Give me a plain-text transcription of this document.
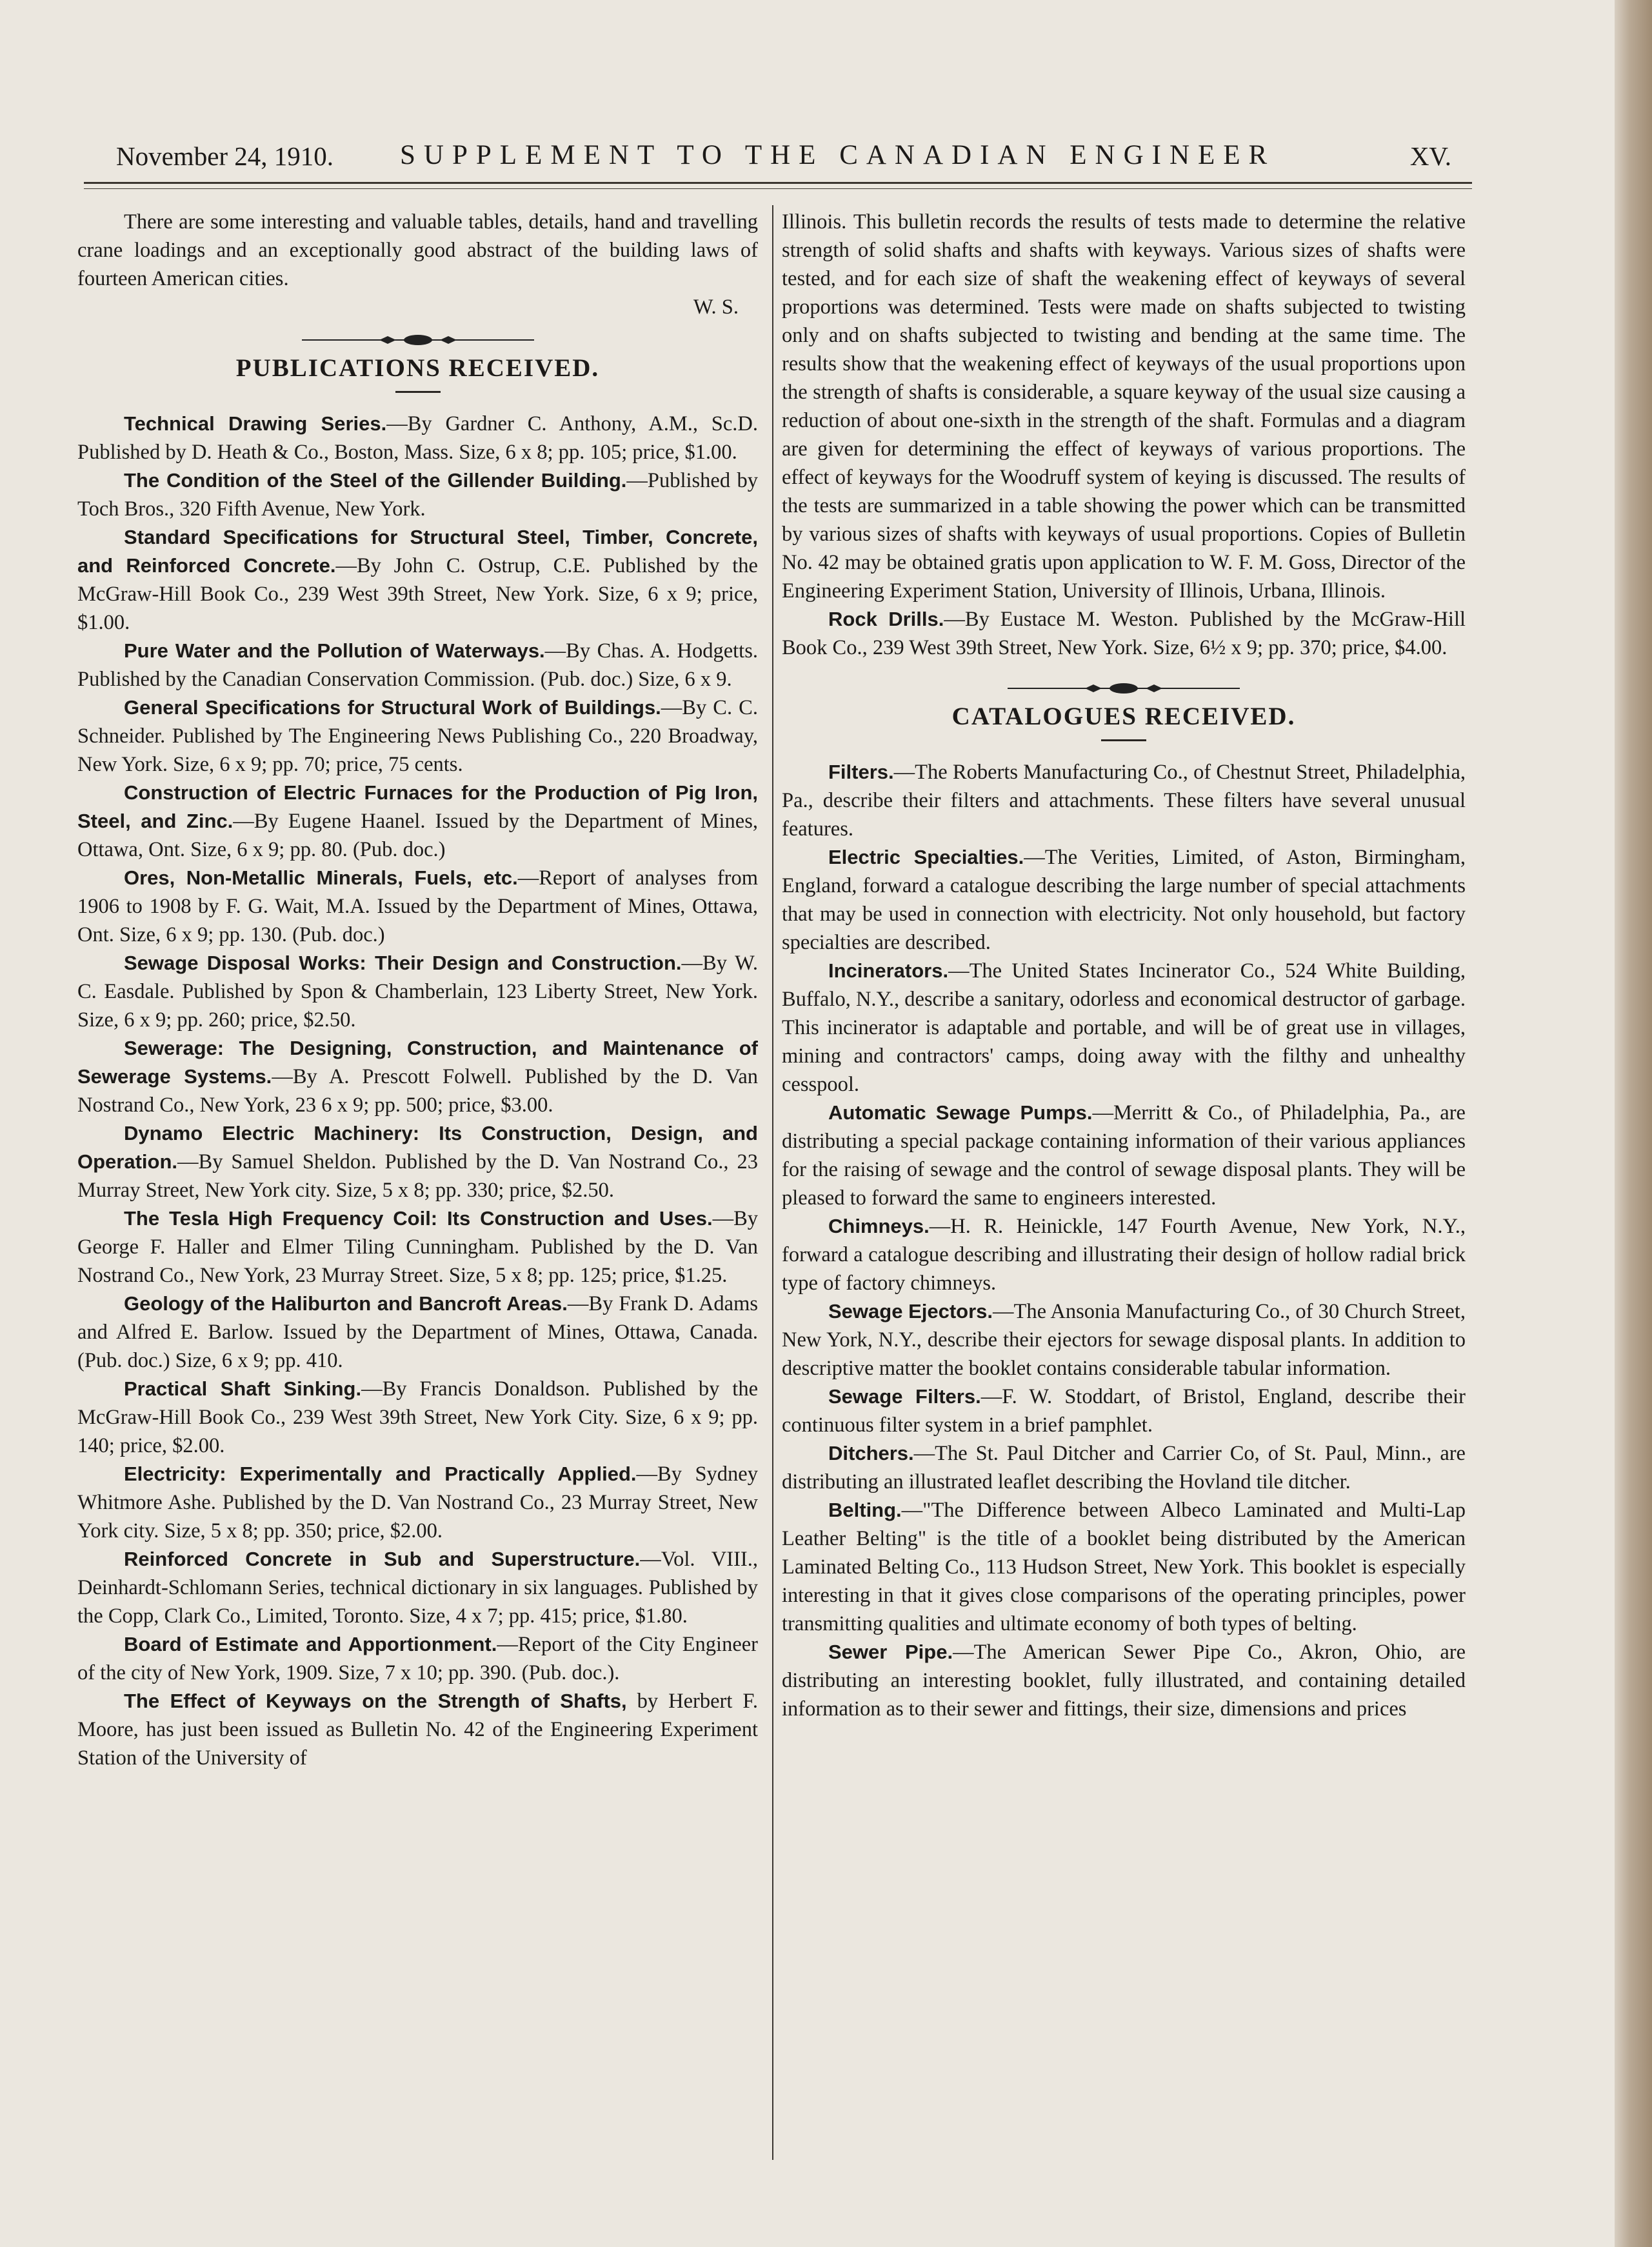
November 24, 1910. SUPPLEMENT TO THE CANADIAN ENGINEER	XV.

There are some interesting and valuable tables, details, hand and travelling crane loadings and an exceptionally good abstract of the building laws of fourteen American cities.

W. S.

PUBLICATIONS RECEIVED.

Technical Drawing Series.—By Gardner C. Anthony, A.M., Sc.D. Published by D. Heath & Co., Boston, Mass. Size, 6 x 8; pp. 105; price, $1.00.

The Condition of the Steel of the Gillender Building.—Published by Toch Bros., 320 Fifth Avenue, New York.

Standard Specifications for Structural Steel, Timber, Concrete, and Reinforced Concrete.—By John C. Ostrup, C.E. Published by the McGraw-Hill Book Co., 239 West 39th Street, New York. Size, 6 x 9; price, $1.00.

Pure Water and the Pollution of Waterways.—By Chas. A. Hodgetts. Published by the Canadian Conservation Commission. (Pub. doc.) Size, 6 x 9.

General Specifications for Structural Work of Buildings.—By C. C. Schneider. Published by The Engineering News Publishing Co., 220 Broadway, New York. Size, 6 x 9; pp. 70; price, 75 cents.

Construction of Electric Furnaces for the Production of Pig Iron, Steel, and Zinc.—By Eugene Haanel. Issued by the Department of Mines, Ottawa, Ont. Size, 6 x 9; pp. 80. (Pub. doc.)

Ores, Non-Metallic Minerals, Fuels, etc.—Report of analyses from 1906 to 1908 by F. G. Wait, M.A. Issued by the Department of Mines, Ottawa, Ont. Size, 6 x 9; pp. 130. (Pub. doc.)

Sewage Disposal Works: Their Design and Construction.—By W. C. Easdale. Published by Spon & Chamberlain, 123 Liberty Street, New York. Size, 6 x 9; pp. 260; price, $2.50.

Sewerage: The Designing, Construction, and Maintenance of Sewerage Systems.—By A. Prescott Folwell. Published by the D. Van Nostrand Co., New York, 23 6 x 9; pp. 500; price, $3.00.

Dynamo Electric Machinery: Its Construction, Design, and Operation.—By Samuel Sheldon. Published by the D. Van Nostrand Co., 23 Murray Street, New York city. Size, 5 x 8; pp. 330; price, $2.50.

The Tesla High Frequency Coil: Its Construction and Uses.—By George F. Haller and Elmer Tiling Cunningham. Published by the D. Van Nostrand Co., New York, 23 Murray Street. Size, 5 x 8; pp. 125; price, $1.25.

Geology of the Haliburton and Bancroft Areas.—By Frank D. Adams and Alfred E. Barlow. Issued by the Department of Mines, Ottawa, Canada. (Pub. doc.) Size, 6 x 9; pp. 410.

Practical Shaft Sinking.—By Francis Donaldson. Published by the McGraw-Hill Book Co., 239 West 39th Street, New York City. Size, 6 x 9; pp. 140; price, $2.00.

Electricity: Experimentally and Practically Applied.—By Sydney Whitmore Ashe. Published by the D. Van Nostrand Co., 23 Murray Street, New York city. Size, 5 x 8; pp. 350; price, $2.00.

Reinforced Concrete in Sub and Superstructure.—Vol. VIII., Deinhardt-Schlomann Series, technical dictionary in six languages. Published by the Copp, Clark Co., Limited, Toronto. Size, 4 x 7; pp. 415; price, $1.80.

Board of Estimate and Apportionment.—Report of the City Engineer of the city of New York, 1909. Size, 7 x 10; pp. 390. (Pub. doc.).

The Effect of Keyways on the Strength of Shafts, by Herbert F. Moore, has just been issued as Bulletin No. 42 of the Engineering Experiment Station of the University of

Illinois. This bulletin records the results of tests made to determine the relative strength of solid shafts and shafts with keyways. Various sizes of shafts were tested, and for each size of shaft the weakening effect of keyways of several proportions was determined. Tests were made on shafts subjected to twisting only and on shafts subjected to twisting and bending at the same time. The results show that the weakening effect of keyways of the usual proportions upon the strength of shafts is considerable, a square keyway of the usual size causing a reduction of about one-sixth in the strength of the shaft. Formulas and a diagram are given for determining the effect of keyways of various proportions. The effect of keyways for the Woodruff system of keying is discussed. The results of the tests are summarized in a table showing the power which can be transmitted by various sizes of shafts with keyways of usual proportions. Copies of Bulletin No. 42 may be obtained gratis upon application to W. F. M. Goss, Director of the Engineering Experiment Station, University of Illinois, Urbana, Illinois.

Rock Drills.—By Eustace M. Weston. Published by the McGraw-Hill Book Co., 239 West 39th Street, New York. Size, 6½ x 9; pp. 370; price, $4.00.

CATALOGUES RECEIVED.

Filters.—The Roberts Manufacturing Co., of Chestnut Street, Philadelphia, Pa., describe their filters and attachments. These filters have several unusual features.

Electric Specialties.—The Verities, Limited, of Aston, Birmingham, England, forward a catalogue describing the large number of special attachments that may be used in connection with electricity. Not only household, but factory specialties are described.

Incinerators.—The United States Incinerator Co., 524 White Building, Buffalo, N.Y., describe a sanitary, odorless and economical destructor of garbage. This incinerator is adaptable and portable, and will be of great use in villages, mining and contractors' camps, doing away with the filthy and unhealthy cesspool.

Automatic Sewage Pumps.—Merritt & Co., of Philadelphia, Pa., are distributing a special package containing information of their various appliances for the raising of sewage and the control of sewage disposal plants. They will be pleased to forward the same to engineers interested.

Chimneys.—H. R. Heinickle, 147 Fourth Avenue, New York, N.Y., forward a catalogue describing and illustrating their design of hollow radial brick type of factory chimneys.

Sewage Ejectors.—The Ansonia Manufacturing Co., of 30 Church Street, New York, N.Y., describe their ejectors for sewage disposal plants. In addition to descriptive matter the booklet contains considerable tabular information.

Sewage Filters.—F. W. Stoddart, of Bristol, England, describe their continuous filter system in a brief pamphlet.

Ditchers.—The St. Paul Ditcher and Carrier Co, of St. Paul, Minn., are distributing an illustrated leaflet describing the Hovland tile ditcher.

Belting.—"The Difference between Albeco Laminated and Multi-Lap Leather Belting" is the title of a booklet being distributed by the American Laminated Belting Co., 113 Hudson Street, New York. This booklet is especially interesting in that it gives close comparisons of the operating principles, power transmitting qualities and ultimate economy of both types of belting.

Sewer Pipe.—The American Sewer Pipe Co., Akron, Ohio, are distributing an interesting booklet, fully illustrated, and containing detailed information as to their sewer and fittings, their size, dimensions and prices
